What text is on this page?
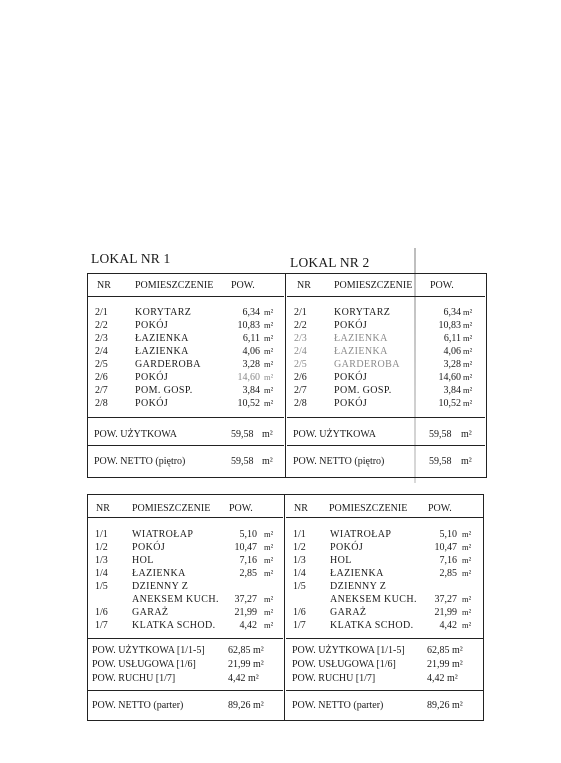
LOKAL NR 1	LOKAL NR 2
NR POMIESZCZENIE POW.
2/1	KORYTARZ	6,34 m²
2/2	POKÓJ	10,83 m²
2/3	ŁAZIENKA	6,11 m²
2/4	ŁAZIENKA	4,06 m²
2/5	GARDEROBA	3,28 m²
2/6	POKÓJ	14,60 m²
2/7	POM. GOSP.	3,84 m²
2/8	POKÓJ	10,52 m²
POW. UŻYTKOWA	59,58 m²
POW. NETTO (piętro)	59,58 m²
NR POMIESZCZENIE POW.
2/1	KORYTARZ	6,34 m²
2/2	POKÓJ	10,83 m²
2/3	ŁAZIENKA	6,11 m²
2/4	ŁAZIENKA	4,06 m²
2/5	GARDEROBA	3,28 m²
2/6	POKÓJ	14,60 m²
2/7	POM. GOSP.	3,84 m²
2/8	POKÓJ	10,52 m²
POW. UŻYTKOWA	59,58 m²
POW. NETTO (piętro)	59,58 m²
NR POMIESZCZENIE POW.
1/1 WIATROŁAP	5,10 m²
1/2 POKÓJ	10,47 m²
1/3 HOL	7,16 m²
1/4 ŁAZIENKA	2,85 m²
1/5 DZIENNY Z
ANEKSEM KUCH. 37,27 m²
1/6 GARAŻ	21,99 m²
1/7 KLATKA SCHOD. 4,42 m²
POW. UŻYTKOWA [1/1-5] 62,85 m²
POW. USŁUGOWA [1/6]	21,99 m²
POW. RUCHU [1/7]	4,42 m²
POW. NETTO (parter)	89,26 m²
NR POMIESZCZENIE POW.
1/1 WIATROŁAP	5,10 m²
1/2 POKÓJ	10,47 m²
1/3 HOL	7,16 m²
1/4 ŁAZIENKA	2,85 m²
1/5 DZIENNY Z
ANEKSEM KUCH. 37,27 m²
1/6 GARAŻ	21,99 m²
1/7 KLATKA SCHOD.	4,42 m²
POW. UŻYTKOWA [1/1-5] 62,85 m²
POW. USŁUGOWA [1/6]	21,99 m²
POW. RUCHU [1/7]	4,42 m²
POW. NETTO (parter)	89,26 m²
